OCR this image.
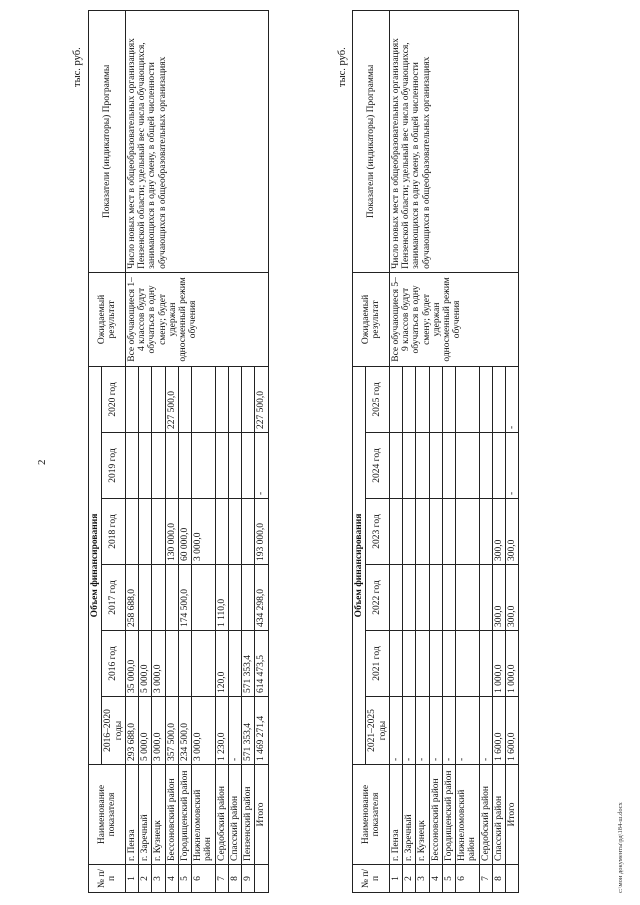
2
тыс. руб.
№ п/п	Наименование показателя	Объем финансирования						Ожидаемый результат	Показатели (индикаторы) Программы
		2016–2020 годы	2016 год	2017 год	2018 год	2019 год	2020 год		
1	г. Пенза	293 688,0	35 000,0	258 688,0				Все обучающиеся 1–4 классов будут обучаться в одну смену; будет удержан односменный режим обучения	Число новых мест в общеобразовательных организациях Пензенской области; удельный вес числа обучающихся, занимающихся в одну смену, в общей численности обучающихся в общеобразовательных организациях
2	г. Заречный	5 000,0	5 000,0						
3	г. Кузнецк	3 000,0	3 000,0						
4	Бессоновский район	357 500,0			130 000,0		227 500,0		
5	Городищенский район	234 500,0		174 500,0	60 000,0				
6	Нижнеломовский район	3 000,0			3 000,0				
7	Сердобский район	1 230,0	120,0	1 110,0					
8	Спасский район	-							
9	Пензенский район	571 353,4	571 353,4						
	Итого	1 469 271,4	614 473,5	434 298,0	193 000,0	-	227 500,0		
тыс. руб.
№ п/п	Наименование показателя	Объем финансирования						Ожидаемый результат	Показатели (индикаторы) Программы
		2021–2025 годы	2021 год	2022 год	2023 год	2024 год	2025 год		
1	г. Пенза	-						Все обучающиеся 5–9 классов будут обучаться в одну смену; будет удержан односменный режим обучения	Число новых мест в общеобразовательных организациях Пензенской области; удельный вес числа обучающихся, занимающихся в одну смену, в общей численности обучающихся в общеобразовательных организациях
2	г. Заречный	-							
3	г. Кузнецк	-							
4	Бессоновский район	-							
5	Городищенский район	-							
6	Нижнеломовский район	-							
7	Сердобский район	-							
8	Спасский район	1 600,0	1 000,0	300,0	300,0				
	Итого	1 600,0	1 000,0	300,0	300,0	-	-		
c:\мои документы\рд\184-ш.docx
